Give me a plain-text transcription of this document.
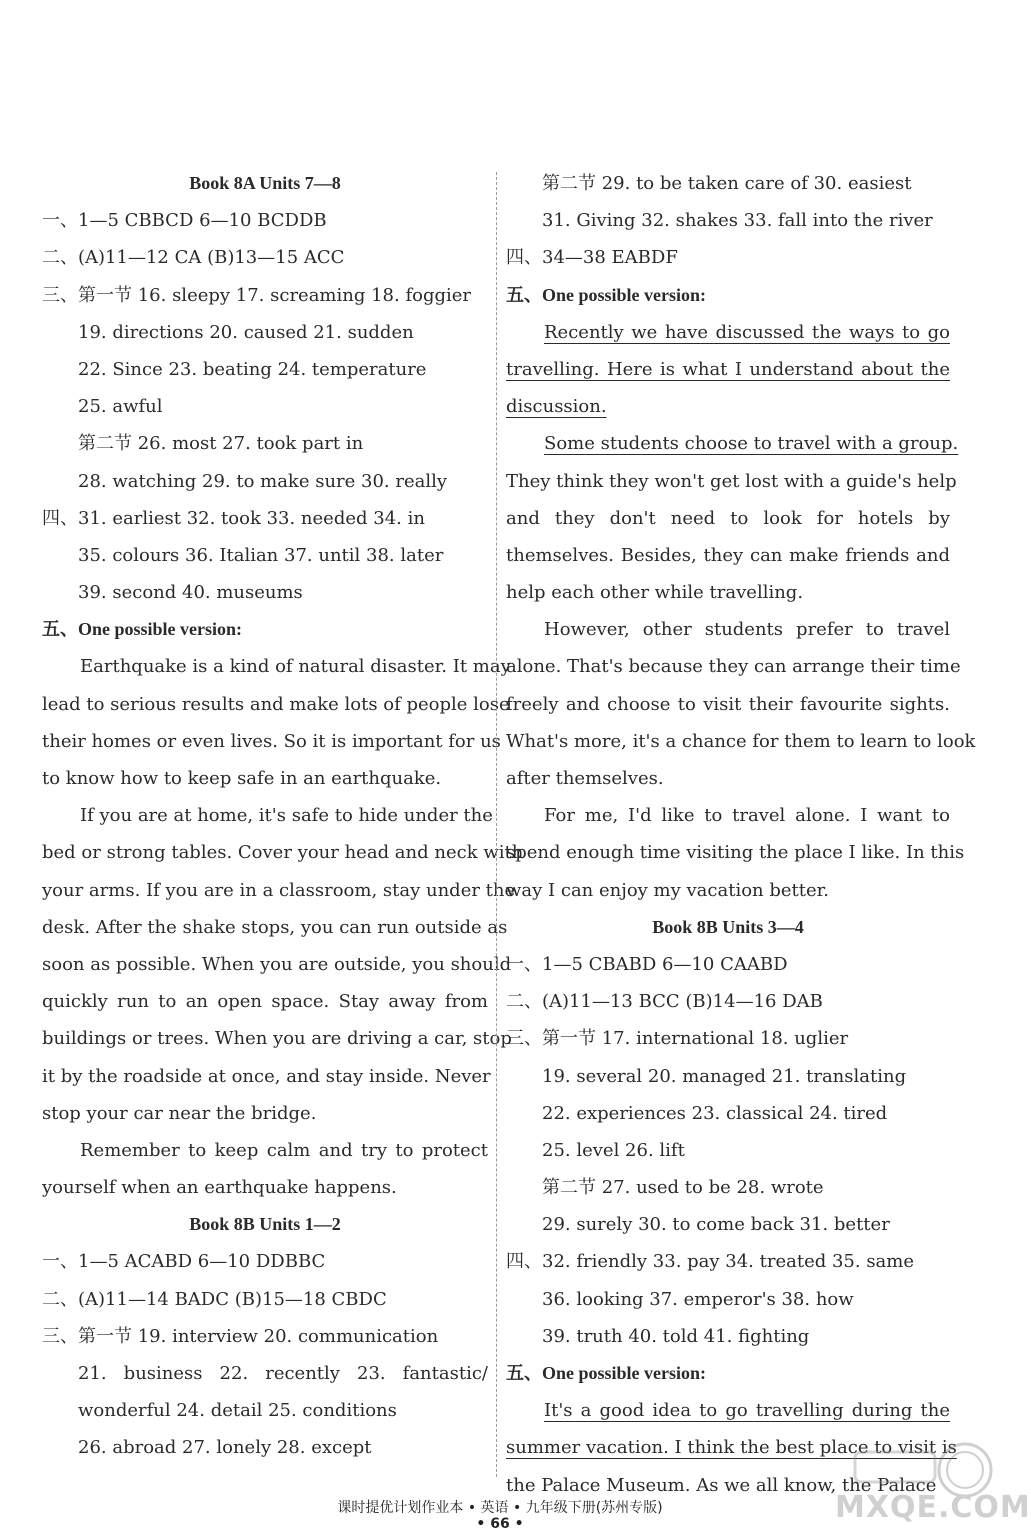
Book 8A Units 7—8
一、1—5 CBBCD 6—10 BCDDB
二、(A)11—12 CA (B)13—15 ACC
三、第一节 16. sleepy 17. screaming 18. foggier
19. directions 20. caused 21. sudden
22. Since 23. beating 24. temperature
25. awful
第二节 26. most 27. took part in
28. watching 29. to make sure 30. really
四、31. earliest 32. took 33. needed 34. in
35. colours 36. Italian 37. until 38. later
39. second 40. museums
五、One possible version:
Earthquake is a kind of natural disaster. It may
lead to serious results and make lots of people lose
their homes or even lives. So it is important for us
to know how to keep safe in an earthquake.
If you are at home, it's safe to hide under the
bed or strong tables. Cover your head and neck with
your arms. If you are in a classroom, stay under the
desk. After the shake stops, you can run outside as
soon as possible. When you are outside, you should
quickly run to an open space. Stay away from
buildings or trees. When you are driving a car, stop
it by the roadside at once, and stay inside. Never
stop your car near the bridge.
Remember to keep calm and try to protect
yourself when an earthquake happens.
Book 8B Units 1—2
一、1—5 ACABD 6—10 DDBBC
二、(A)11—14 BADC (B)15—18 CBDC
三、第一节 19. interview 20. communication
21. business 22. recently 23. fantastic/
wonderful 24. detail 25. conditions
26. abroad 27. lonely 28. except
第二节 29. to be taken care of 30. easiest
31. Giving 32. shakes 33. fall into the river
四、34—38 EABDF
五、One possible version:
Recently we have discussed the ways to go
travelling. Here is what I understand about the
discussion.
Some students choose to travel with a group.
They think they won't get lost with a guide's help
and they don't need to look for hotels by
themselves. Besides, they can make friends and
help each other while travelling.
However, other students prefer to travel
alone. That's because they can arrange their time
freely and choose to visit their favourite sights.
What's more, it's a chance for them to learn to look
after themselves.
For me, I'd like to travel alone. I want to
spend enough time visiting the place I like. In this
way I can enjoy my vacation better.
Book 8B Units 3—4
一、1—5 CBABD 6—10 CAABD
二、(A)11—13 BCC (B)14—16 DAB
三、第一节 17. international 18. uglier
19. several 20. managed 21. translating
22. experiences 23. classical 24. tired
25. level 26. lift
第二节 27. used to be 28. wrote
29. surely 30. to come back 31. better
四、32. friendly 33. pay 34. treated 35. same
36. looking 37. emperor's 38. how
39. truth 40. told 41. fighting
五、One possible version:
It's a good idea to go travelling during the
summer vacation. I think the best place to visit is
the Palace Museum. As we all know, the Palace
课时提优计划作业本 • 英语 • 九年级下册(苏州专版)
• 66 •	MXQE.COM
